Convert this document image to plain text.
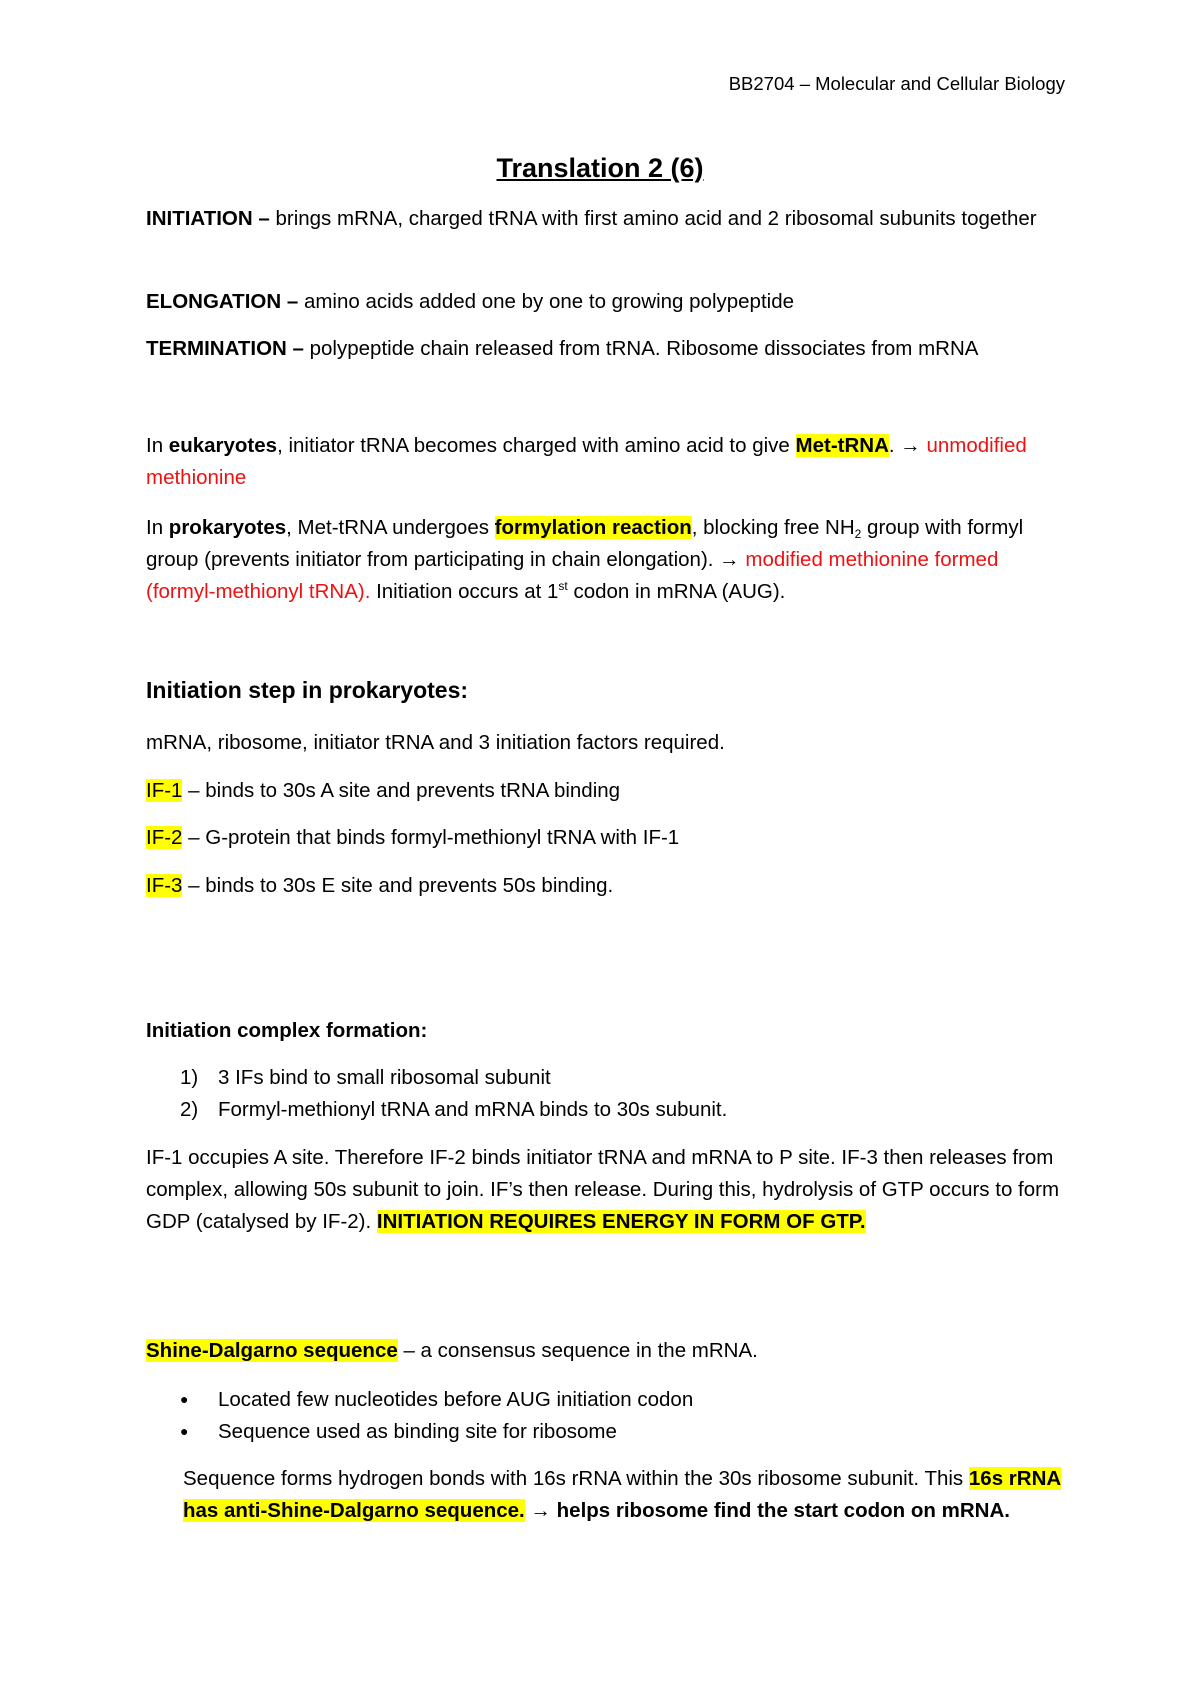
BB2704 – Molecular and Cellular Biology
Translation 2 (6)

INITIATION – brings mRNA, charged tRNA with first amino acid and 2 ribosomal subunits together

ELONGATION – amino acids added one by one to growing polypeptide

TERMINATION – polypeptide chain released from tRNA. Ribosome dissociates from mRNA

In eukaryotes, initiator tRNA becomes charged with amino acid to give Met-tRNA. → unmodified methionine

In prokaryotes, Met-tRNA undergoes formylation reaction, blocking free $NH_2$ group with formyl group (prevents initiator from participating in chain elongation). → modified methionine formed (formyl-methionyl tRNA). Initiation occurs at 1st codon in mRNA (AUG).

Initiation step in prokaryotes:

mRNA, ribosome, initiator tRNA and 3 initiation factors required.

IF-1 – binds to 30s A site and prevents tRNA binding

IF-2 – G-protein that binds formyl-methionyl tRNA with IF-1

IF-3 – binds to 30s E site and prevents 50s binding.

Initiation complex formation:

1) 3 IFs bind to small ribosomal subunit

2) Formyl-methionyl tRNA and mRNA binds to 30s subunit.

IF-1 occupies A site. Therefore IF-2 binds initiator tRNA and mRNA to P site. IF-3 then releases from complex, allowing 50s subunit to join. IF’s then release. During this, hydrolysis of GTP occurs to form GDP (catalysed by IF-2). INITIATION REQUIRES ENERGY IN FORM OF GTP.

Shine-Dalgarno sequence – a consensus sequence in the mRNA.

● Located few nucleotides before AUG initiation codon

● Sequence used as binding site for ribosome

Sequence forms hydrogen bonds with 16s rRNA within the 30s ribosome subunit. This 16s rRNA has anti-Shine-Dalgarno sequence. → helps ribosome find the start codon on mRNA.
